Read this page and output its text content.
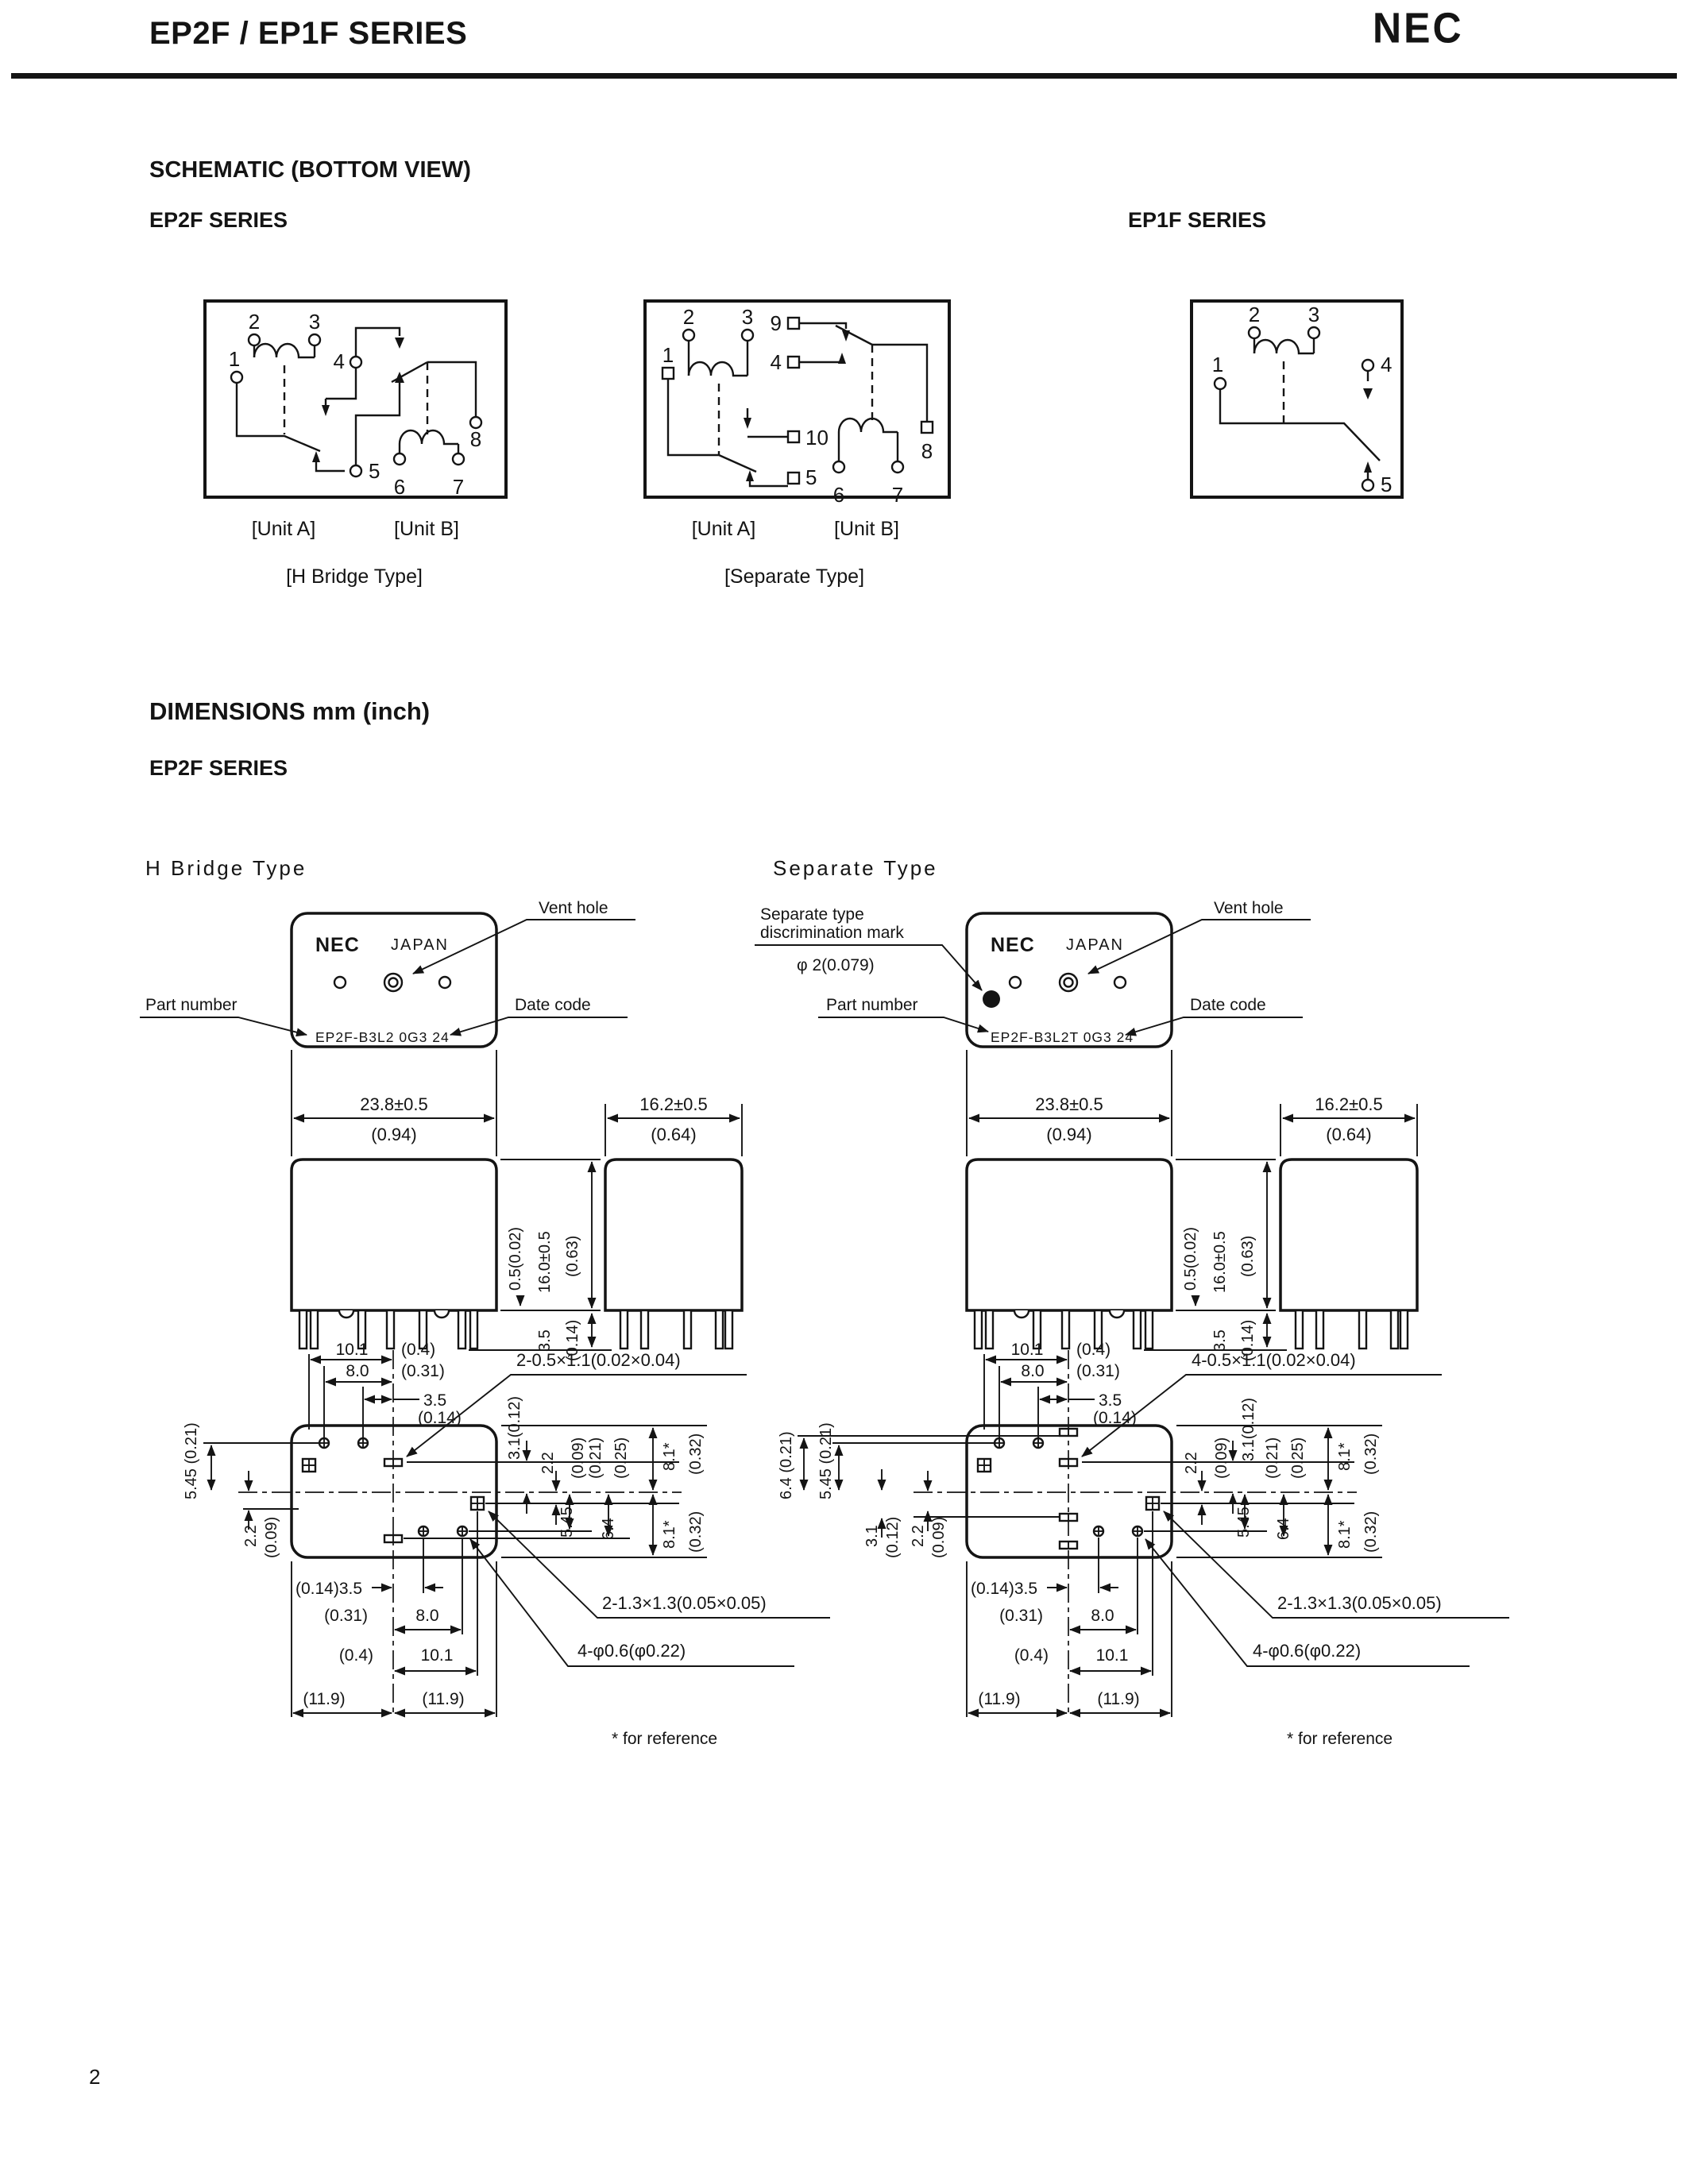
EP2F / EP1F SERIES	NEC
SCHEMATIC (BOTTOM VIEW)
EP2F SERIES	EP1F SERIES
2 3
1	4
5
6 7
8
2 3 9
1	4
10
5
6 7
8
2 3
1	4
5
[Unit A]	[Unit B]
[H Bridge Type]
[Unit A]	[Unit B]
[Separate Type]
DIMENSIONS mm (inch)
EP2F SERIES
H Bridge Type	Separate Type
NEC JAPAN
EP2F-B3L2 0G3 24
Vent hole
Part number	Date code
23.8±0.5
(0.94)
16.2±0.5
(0.64)
0.5(0.02) 16.0±0.5 (0.63)
3.5 (0.14)
10.1 (0.4)
8.0 (0.31)
3.5
(0.14)
5.45 (0.21)
2.2 (0.09)
3.1(0.12)
2.2 (0.09) (0.21) (0.25)
5.45 6.4
8.1* (0.32)
8.1* (0.32)
2-0.5×1.1(0.02×0.04)
2-1.3×1.3(0.05×0.05)
4-φ0.6(φ0.22)
* for reference
(0.14)3.5
(0.31)	8.0
(0.4)	10.1
(11.9)	(11.9)
NEC JAPAN
EP2F-B3L2T 0G3 24
Separate type
discrimination mark
φ 2(0.079)
Vent hole
Part number	Date code
23.8±0.5
(0.94)
16.2±0.5
(0.64)
0.5(0.02) 16.0±0.5 (0.63)
3.5 (0.14)
10.1 (0.4)
8.0 (0.31)
3.5
(0.14)
6.4 (0.21) 5.45 (0.21)
3.1 (0.12) 2.2 (0.09)
2.2 (0.09) 3.1(0.12) (0.21) (0.25)
5.45 6.4
8.1* (0.32)
8.1* (0.32)
4-0.5×1.1(0.02×0.04)
2-1.3×1.3(0.05×0.05)
4-φ0.6(φ0.22)
* for reference
(0.14)3.5
(0.31)	8.0
(0.4)	10.1
(11.9)	(11.9)
2
